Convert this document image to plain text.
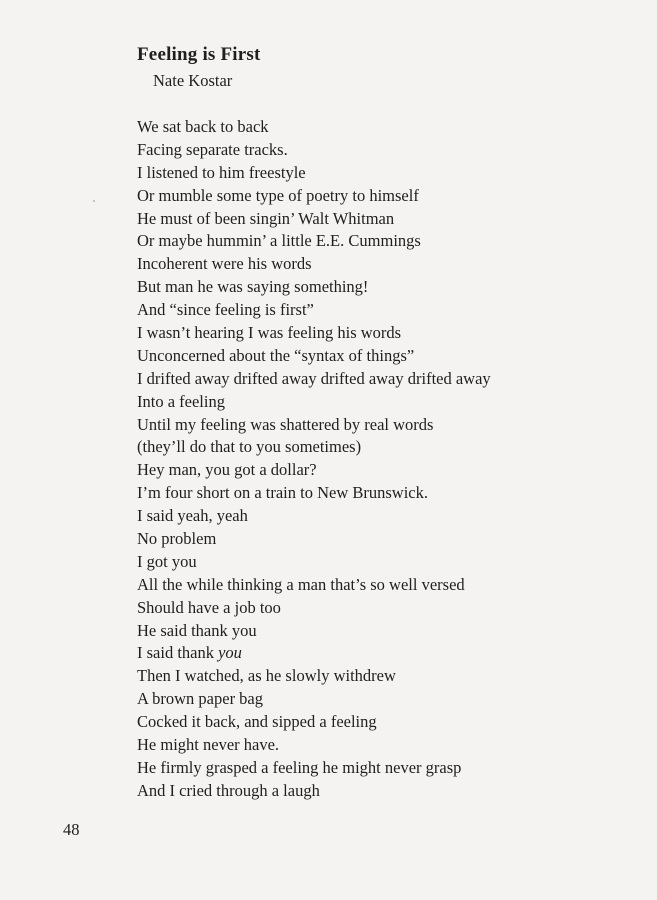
Feeling is First

Nate Kostar

We sat back to back
Facing separate tracks.
I listened to him freestyle
Or mumble some type of poetry to himself
He must of been singin’ Walt Whitman
Or maybe hummin’ a little E.E. Cummings
Incoherent were his words
But man he was saying something!
And “since feeling is first”
I wasn’t hearing I was feeling his words
Unconcerned about the “syntax of things”
I drifted away drifted away drifted away drifted away
Into a feeling
Until my feeling was shattered by real words
(they’ll do that to you sometimes)
Hey man, you got a dollar?
I’m four short on a train to New Brunswick.
I said yeah, yeah
No problem
I got you
All the while thinking a man that’s so well versed
Should have a job too
He said thank you
I said thank you
Then I watched, as he slowly withdrew
A brown paper bag
Cocked it back, and sipped a feeling
He might never have.
He firmly grasped a feeling he might never grasp
And I cried through a laugh

48
